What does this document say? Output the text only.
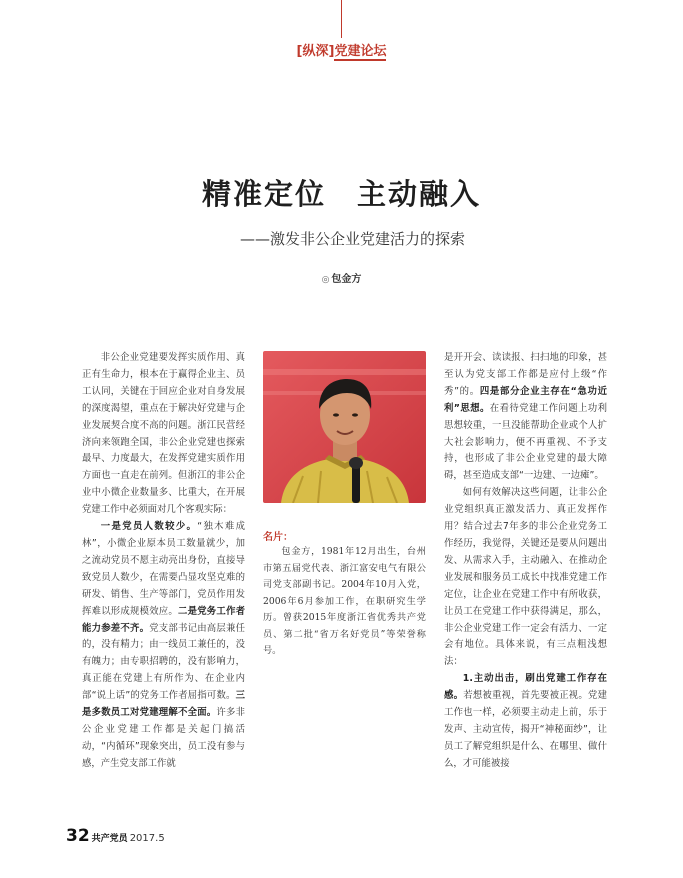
[纵深]党建论坛
精准定位　主动融入
——激发非公企业党建活力的探索
◎ 包金方

非公企业党建要发挥实质作用、真正有生命力，根本在于赢得企业主、员工认同，关键在于回应企业对自身发展的深度渴望，重点在于解决好党建与企业发展契合度不高的问题。浙江民营经济向来领跑全国，非公企业党建也探索最早、力度最大，在发挥党建实质作用方面也一直走在前列。但浙江的非公企业中小微企业数量多、比重大，在开展党建工作中必须面对几个客观实际：

一是党员人数较少。“独木难成林”，小微企业原本员工数量就少，加之流动党员不愿主动亮出身份，直接导致党员人数少，在需要凸显攻坚克难的研发、销售、生产等部门，党员作用发挥难以形成规模效应。二是党务工作者能力参差不齐。党支部书记由高层兼任的，没有精力；由一线员工兼任的，没有魄力；由专职招聘的，没有影响力，真正能在党建上有所作为、在企业内部“说上话”的党务工作者屈指可数。三是多数员工对党建理解不全面。许多非公企业党建工作都是关起门搞活动，“内循环”现象突出，员工没有参与感，产生党支部工作就

名片：

包金方，1981年12月出生，台州市第五届党代表、浙江富安电气有限公司党支部副书记。2004年10月入党，2006年6月参加工作，在职研究生学历。曾获2015年度浙江省优秀共产党员、第二批“省万名好党员”等荣誉称号。

是开开会、读读报、扫扫地的印象，甚至认为党支部工作都是应付上级“作秀”的。四是部分企业主存在“急功近利”思想。在看待党建工作问题上功利思想较重，一旦没能帮助企业或个人扩大社会影响力，便不再重视、不予支持，也形成了非公企业党建的最大障碍，甚至造成支部“一边建、一边瘫”。

如何有效解决这些问题，让非公企业党组织真正激发活力、真正发挥作用？结合过去7年多的非公企业党务工作经历，我觉得，关键还是要从问题出发、从需求入手，主动融入、在推动企业发展和服务员工成长中找准党建工作定位，让企业在党建工作中有所收获，让员工在党建工作中获得满足，那么，非公企业党建工作一定会有活力、一定会有地位。具体来说，有三点粗浅想法：

1.主动出击，刷出党建工作存在感。若想被重视，首先要被正视。党建工作也一样，必须要主动走上前，乐于发声、主动宣传，揭开“神秘面纱”，让员工了解党组织是什么、在哪里、做什么，才可能被接

32 共产党员 2017.5
